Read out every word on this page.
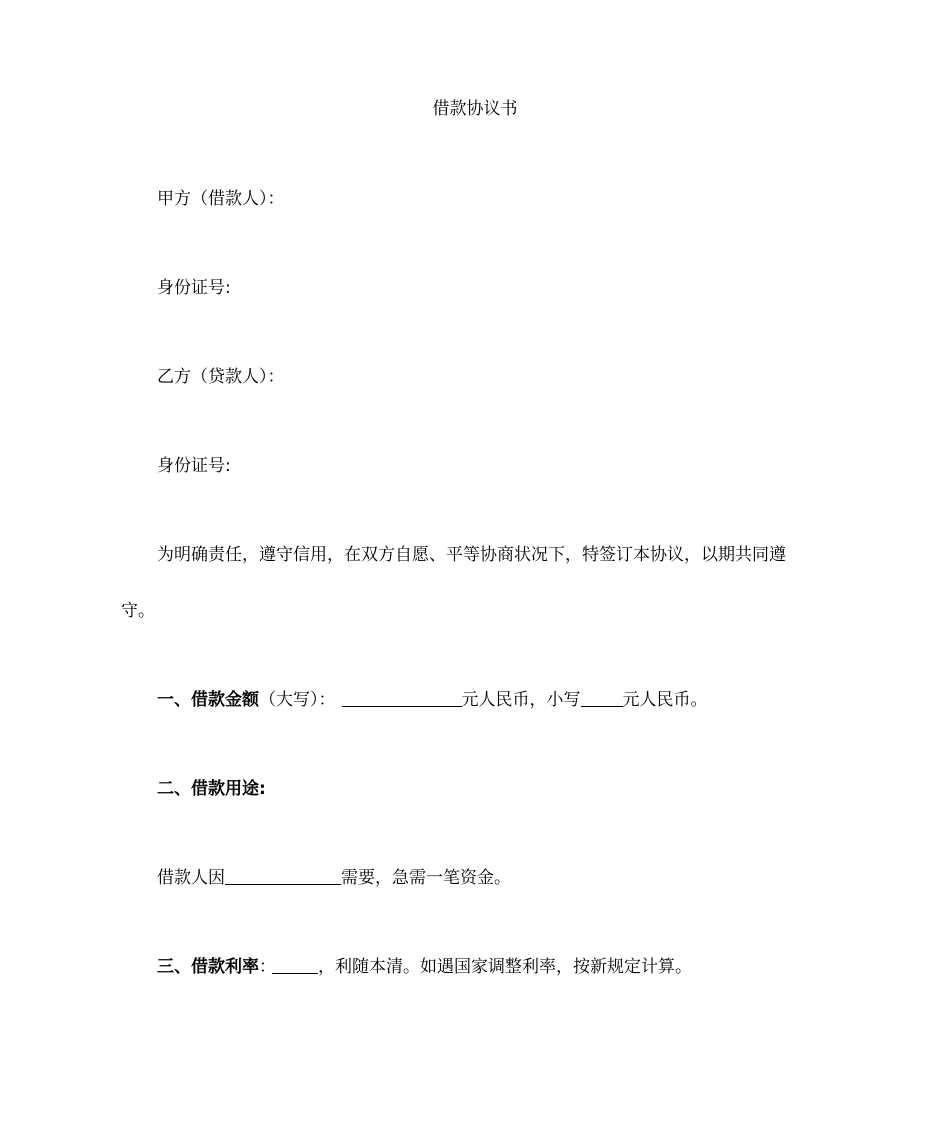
借款协议书
甲方（借款人）：
身份证号:
乙方（贷款人）：
身份证号:
为明确责任，遵守信用，在双方自愿、平等协商状况下，特签订本协议，以期共同遵
守。
一、借款金额（大写）：	元人民币，小写 元人民币。
二、借款用途:
借款人因	需要，急需一笔资金。
三、借款利率： ，利随本清。如遇国家调整利率，按新规定计算。
